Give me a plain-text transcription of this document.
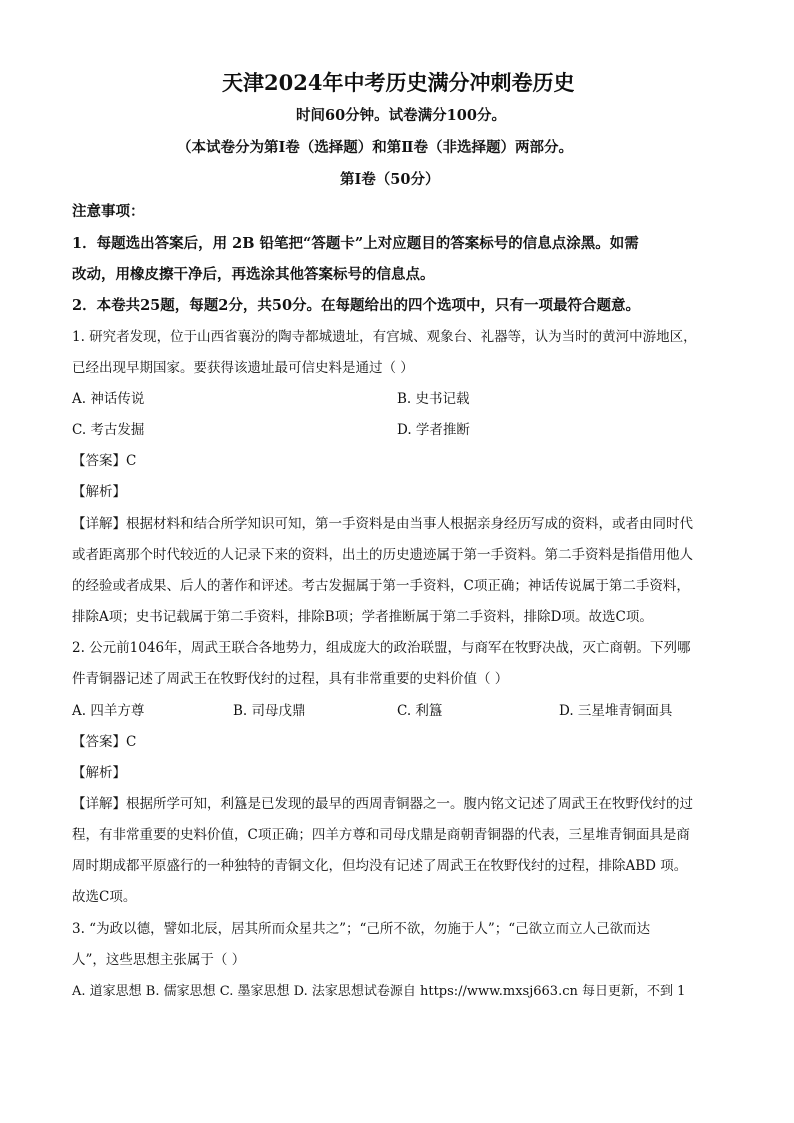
天津2024年中考历史满分冲刺卷历史
时间60分钟。试卷满分100分。
（本试卷分为第Ⅰ卷（选择题）和第Ⅱ卷（非选择题）两部分。
第Ⅰ卷（50分）
注意事项：
1．每题选出答案后，用 2B 铅笔把“答题卡”上对应题目的答案标号的信息点涂黑。如需
改动，用橡皮擦干净后，再选涂其他答案标号的信息点。
2．本卷共25题，每题2分，共50分。在每题给出的四个选项中，只有一项最符合题意。
1. 研究者发现，位于山西省襄汾的陶寺都城遗址，有宫城、观象台、礼器等，认为当时的黄河中游地区，
已经出现早期国家。要获得该遗址最可信史料是通过（ ）
A. 神话传说	B. 史书记载
C. 考古发掘	D. 学者推断
【答案】C
【解析】
【详解】根据材料和结合所学知识可知，第一手资料是由当事人根据亲身经历写成的资料，或者由同时代
或者距离那个时代较近的人记录下来的资料，出土的历史遗迹属于第一手资料。第二手资料是指借用他人
的经验或者成果、后人的著作和评述。考古发掘属于第一手资料，C项正确；神话传说属于第二手资料，
排除A项；史书记载属于第二手资料，排除B项；学者推断属于第二手资料，排除D项。故选C项。
2. 公元前1046年，周武王联合各地势力，组成庞大的政治联盟，与商军在牧野决战，灭亡商朝。下列哪
件青铜器记述了周武王在牧野伐纣的过程，具有非常重要的史料价值（ ）
A. 四羊方尊	B. 司母戊鼎	C. 利簋	D. 三星堆青铜面具
【答案】C
【解析】
【详解】根据所学可知，利簋是已发现的最早的西周青铜器之一。腹内铭文记述了周武王在牧野伐纣的过
程，有非常重要的史料价值，C项正确；四羊方尊和司母戊鼎是商朝青铜器的代表，三星堆青铜面具是商
周时期成都平原盛行的一种独特的青铜文化，但均没有记述了周武王在牧野伐纣的过程，排除ABD 项。
故选C项。
3. “为政以德，譬如北辰，居其所而众星共之”；“己所不欲，勿施于人”；“己欲立而立人己欲而达
人”，这些思想主张属于（ ）
A. 道家思想 B. 儒家思想 C. 墨家思想 D. 法家思想试卷源自 https://www.mxsj663.cn 每日更新，不到 1
